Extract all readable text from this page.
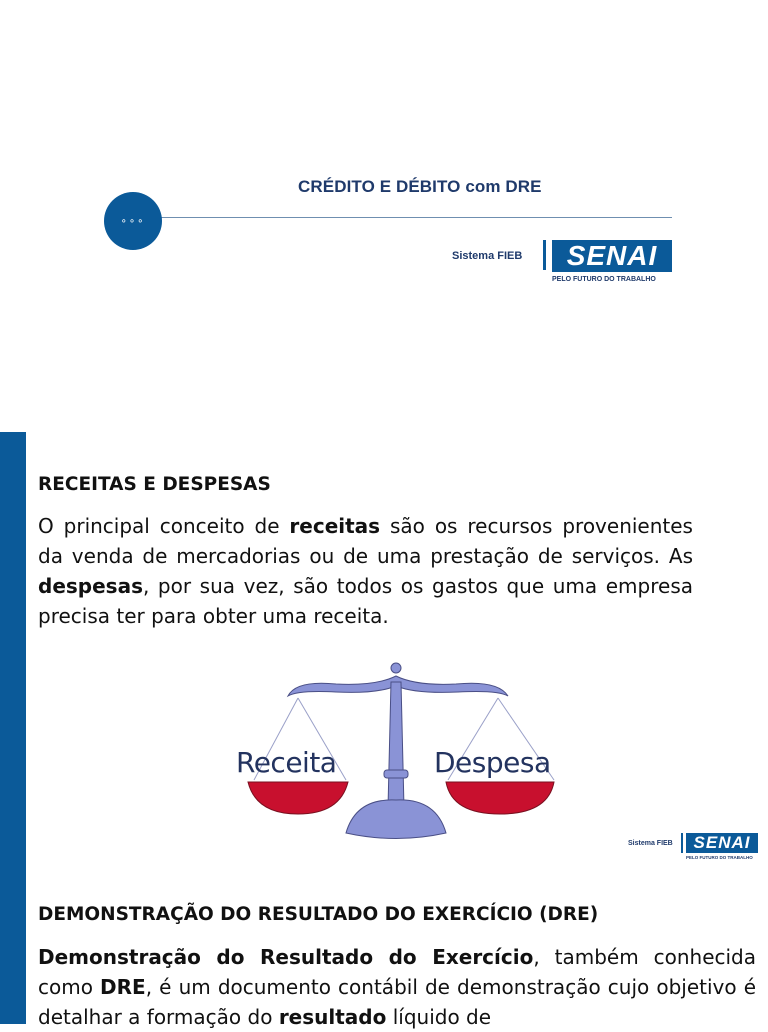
CRÉDITO E DÉBITO com DRE
∘∘∘
Sistema FIEB	SENAI
PELO FUTURO DO TRABALHO
RECEITAS E DESPESAS
O principal conceito de receitas são os recursos provenientes da venda de mercadorias ou de uma prestação de serviços. As despesas, por sua vez, são todos os gastos que uma empresa precisa ter para obter uma receita.
Receita	Despesa
Sistema FIEB	SENAI
PELO FUTURO DO TRABALHO
DEMONSTRAÇÃO DO RESULTADO DO EXERCÍCIO (DRE)
Demonstração do Resultado do Exercício, também conhecida como DRE, é um documento contábil de demonstração cujo objetivo é detalhar a formação do resultado líquido de
